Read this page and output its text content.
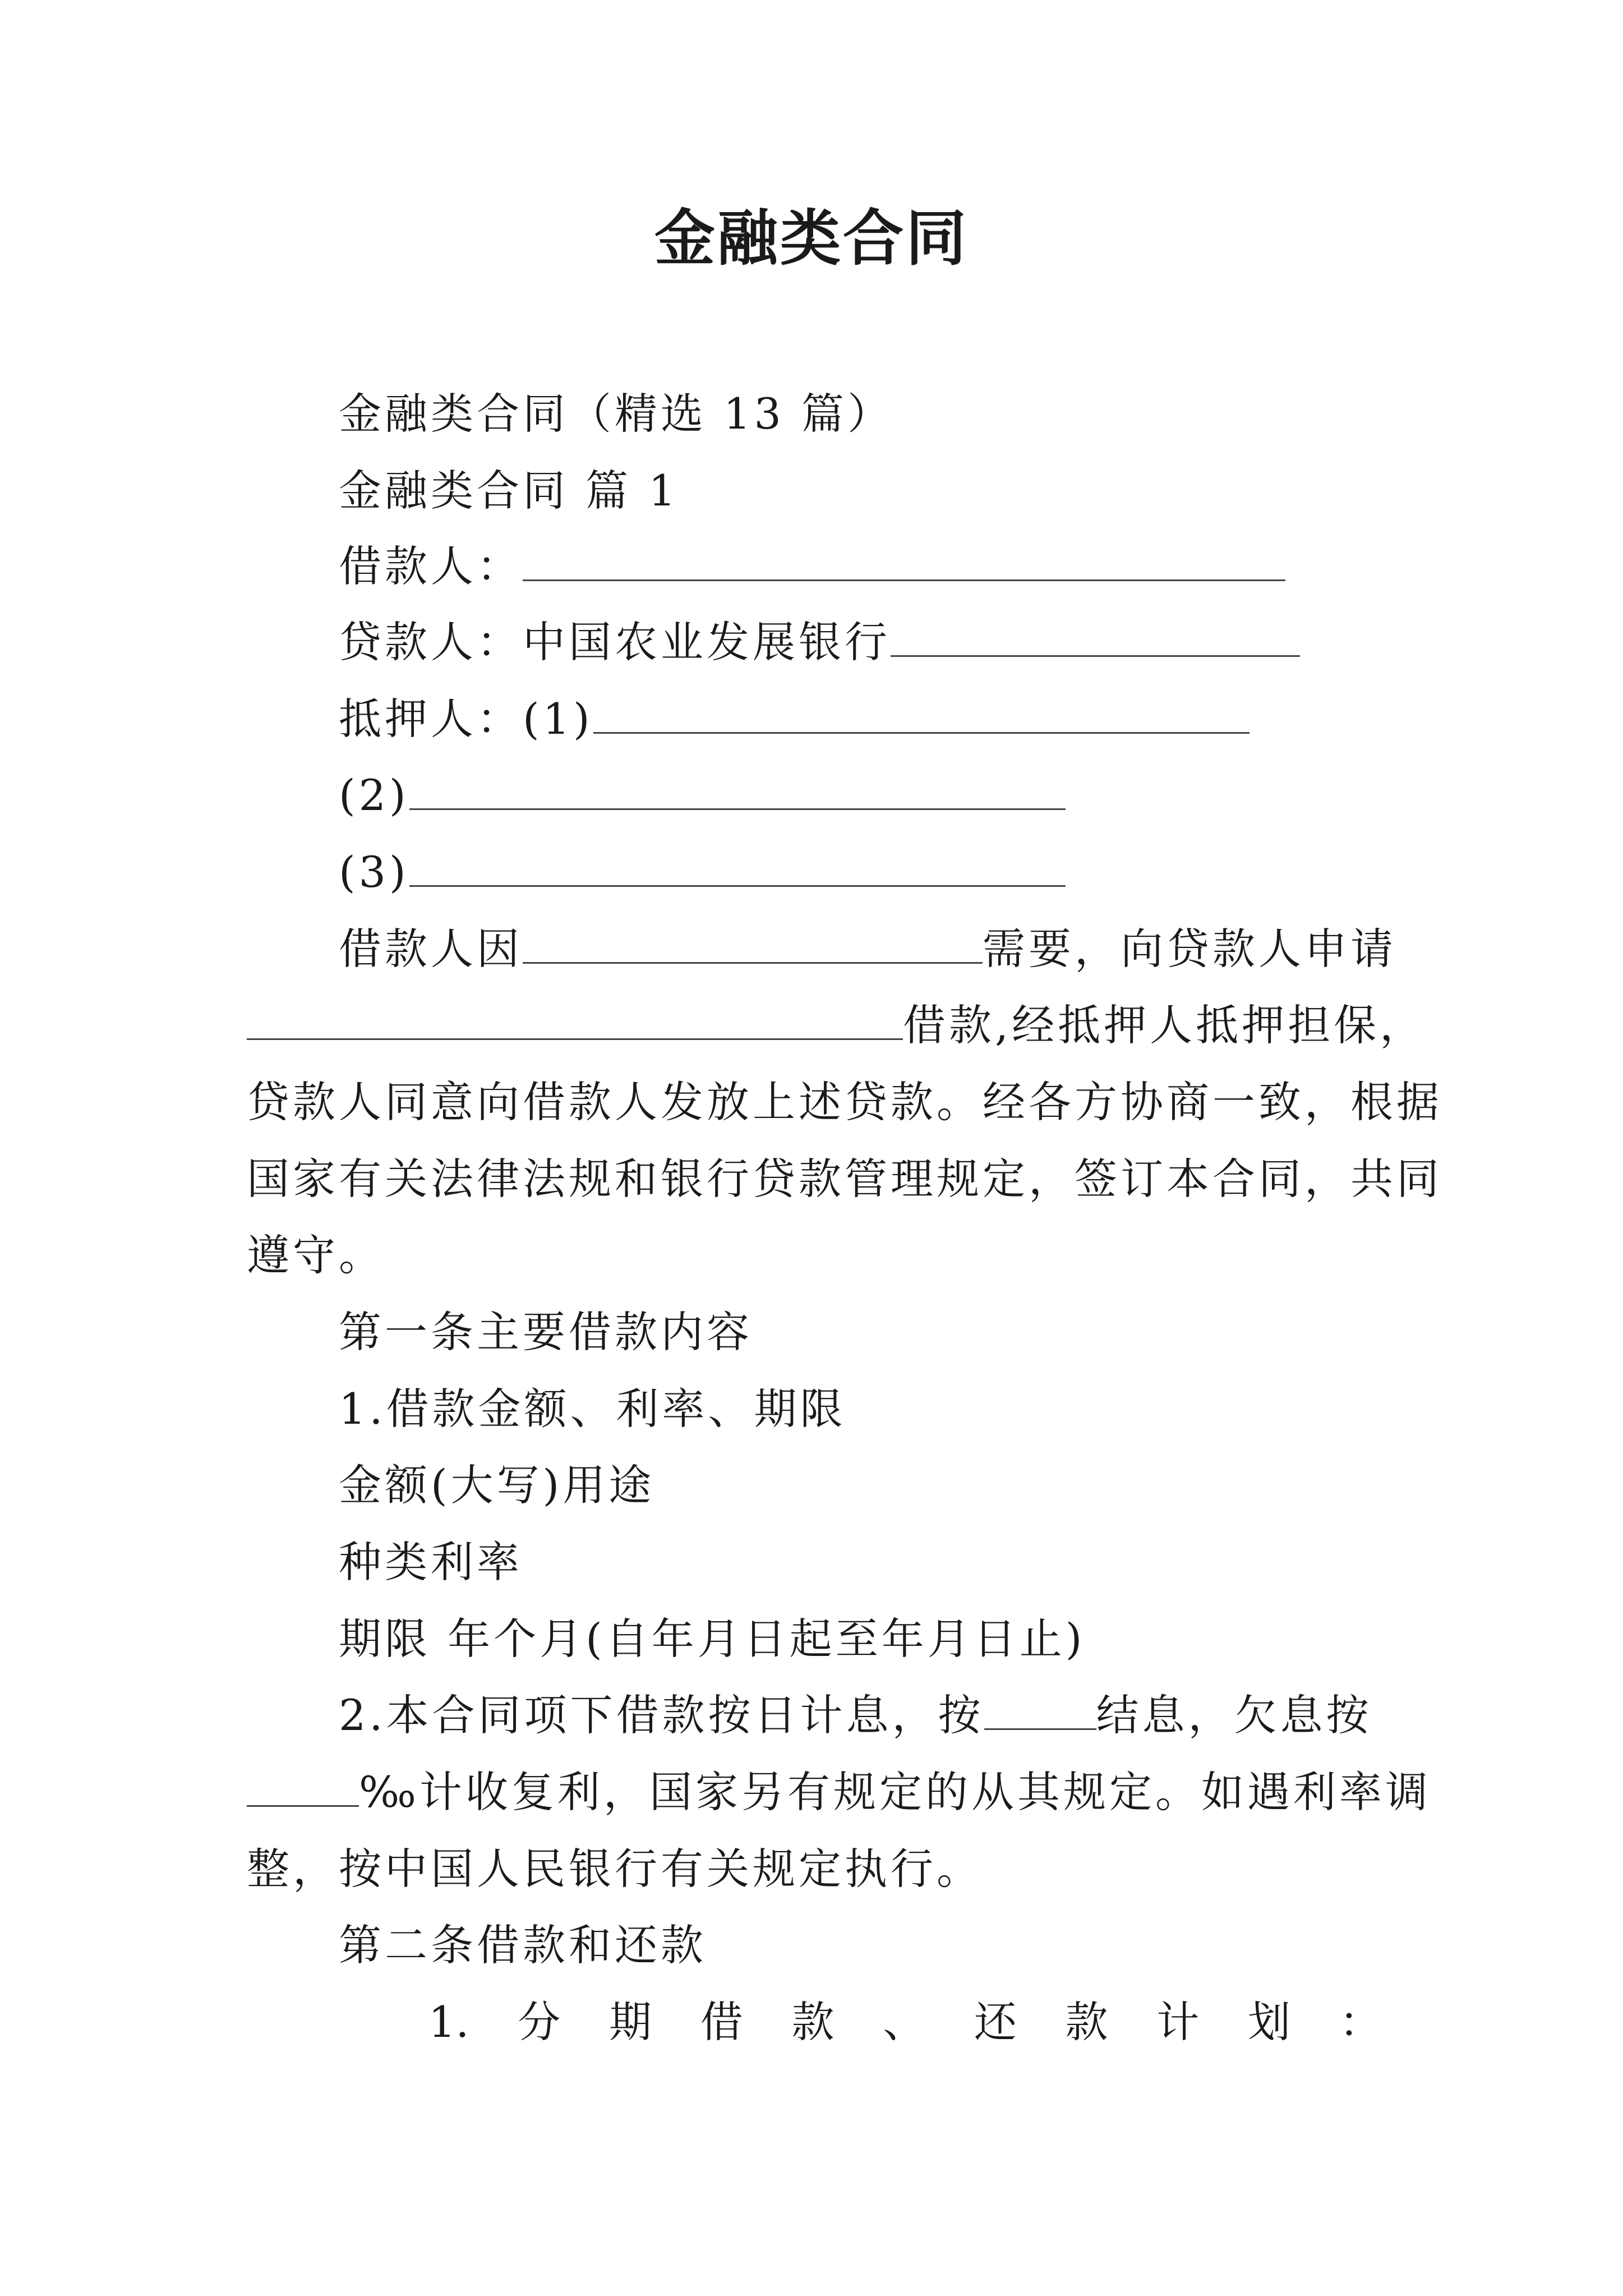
金融类合同
金融类合同（精选 13 篇）
金融类合同 篇 1
借款人：
贷款人：中国农业发展银行
抵押人：(1)
(2)
(3)
借款人因	需要，向贷款人申请
借款,经抵押人抵押担保，
贷款人同意向借款人发放上述贷款。经各方协商一致，根据
国家有关法律法规和银行贷款管理规定，签订本合同，共同
遵守。
第一条主要借款内容
1.借款金额、利率、期限
金额(大写)用途
种类利率
期限 年个月(自年月日起至年月日止)
2.本合同项下借款按日计息，按	结息，欠息按
‰计收复利，国家另有规定的从其规定。如遇利率调
整，按中国人民银行有关规定执行。
第二条借款和还款
1. 分 期 借 款 、 还 款 计 划 ：
